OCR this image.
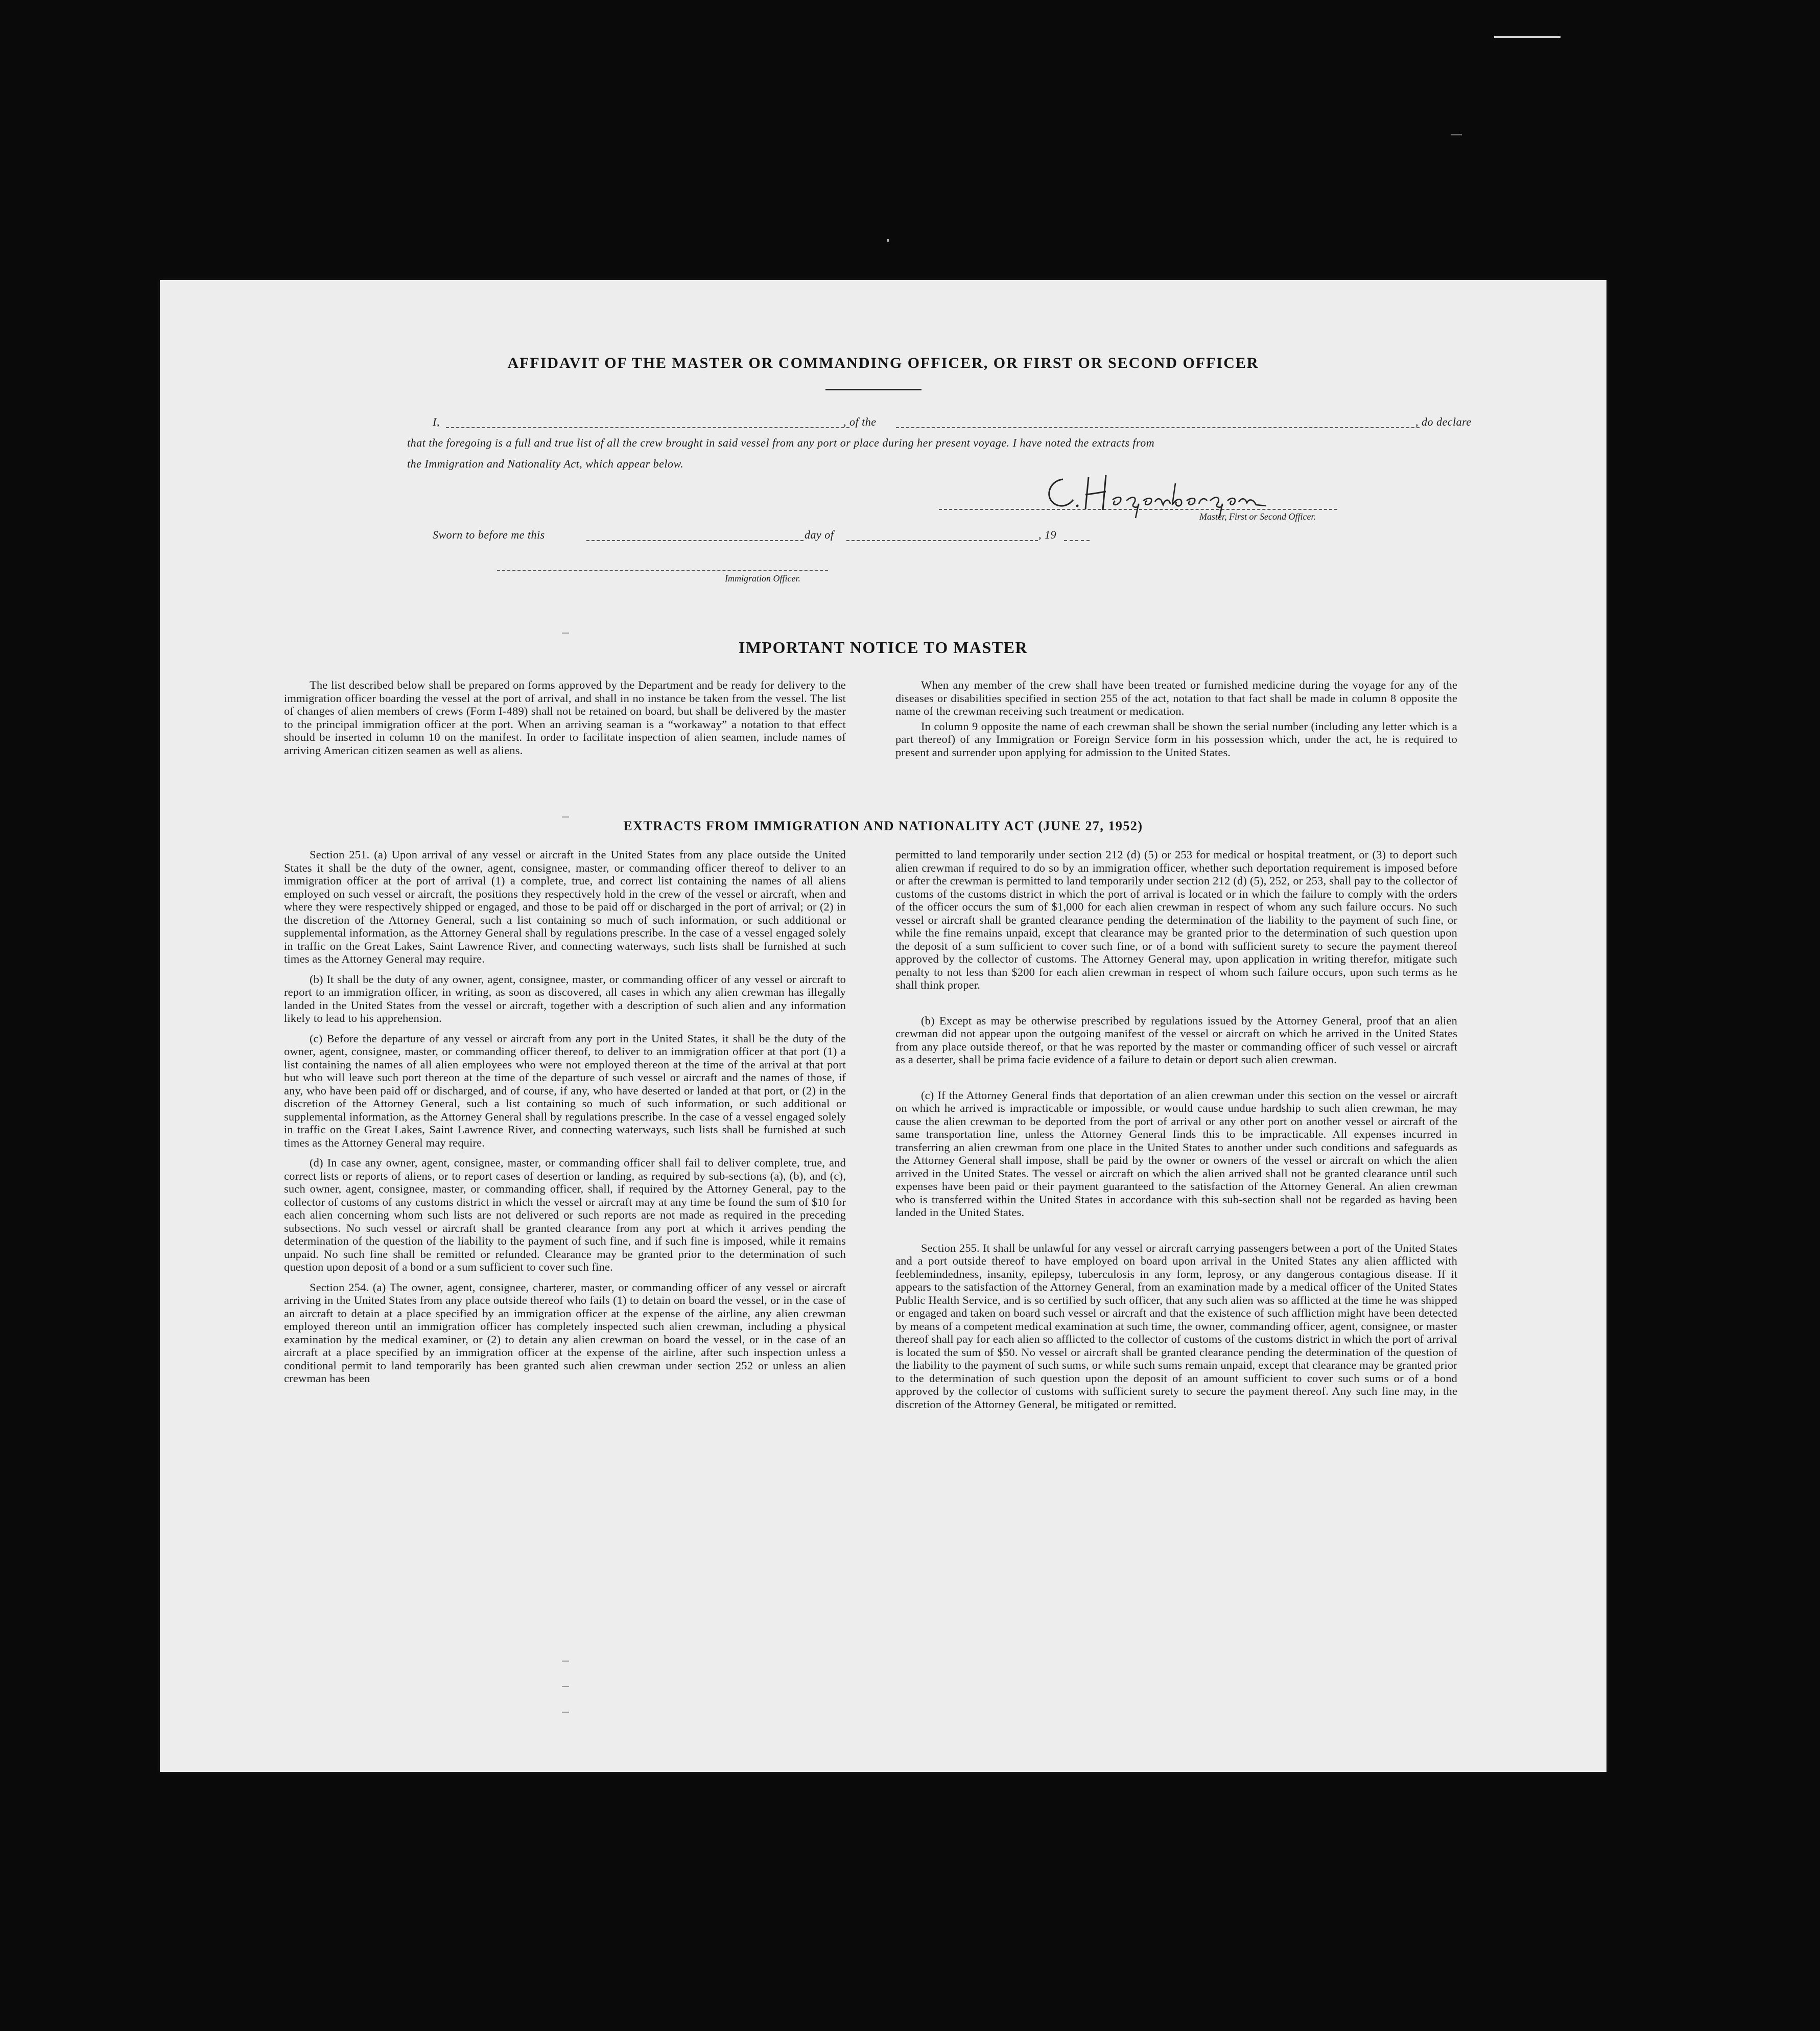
AFFIDAVIT OF THE MASTER OR COMMANDING OFFICER, OR FIRST OR SECOND OFFICER
I,	, of the	, do declare
that the foregoing is a full and true list of all the crew brought in said vessel from any port or place during her present voyage. I have noted the extracts from
the Immigration and Nationality Act, which appear below.
Master, First or Second Officer.
Sworn to before me this	day of	, 19
Immigration Officer.
IMPORTANT NOTICE TO MASTER

The list described below shall be prepared on forms approved by the Department and be ready for delivery to the immigration officer boarding the vessel at the port of arrival, and shall in no instance be taken from the vessel. The list of changes of alien members of crews (Form I-489) shall not be retained on board, but shall be delivered by the master to the principal immigration officer at the port. When an arriving seaman is a “workaway” a notation to that effect should be inserted in column 10 on the manifest. In order to facilitate inspection of alien seamen, include names of arriving American citizen seamen as well as aliens.

When any member of the crew shall have been treated or furnished medicine during the voyage for any of the diseases or disabilities specified in section 255 of the act, notation to that fact shall be made in column 8 opposite the name of the crewman receiving such treatment or medication.

In column 9 opposite the name of each crewman shall be shown the serial number (including any letter which is a part thereof) of any Immigration or Foreign Service form in his possession which, under the act, he is required to present and surrender upon applying for admission to the United States.

EXTRACTS FROM IMMIGRATION AND NATIONALITY ACT (JUNE 27, 1952)

Section 251. (a) Upon arrival of any vessel or aircraft in the United States from any place outside the United States it shall be the duty of the owner, agent, consignee, master, or commanding officer thereof to deliver to an immigration officer at the port of arrival (1) a complete, true, and correct list containing the names of all aliens employed on such vessel or aircraft, the positions they respectively hold in the crew of the vessel or aircraft, when and where they were respectively shipped or engaged, and those to be paid off or discharged in the port of arrival; or (2) in the discretion of the Attorney General, such a list containing so much of such information, or such additional or supplemental information, as the Attorney General shall by regulations prescribe. In the case of a vessel engaged solely in traffic on the Great Lakes, Saint Lawrence River, and connecting waterways, such lists shall be furnished at such times as the Attorney General may require.

(b) It shall be the duty of any owner, agent, consignee, master, or commanding officer of any vessel or aircraft to report to an immigration officer, in writing, as soon as discovered, all cases in which any alien crewman has illegally landed in the United States from the vessel or aircraft, together with a description of such alien and any information likely to lead to his apprehension.

(c) Before the departure of any vessel or aircraft from any port in the United States, it shall be the duty of the owner, agent, consignee, master, or commanding officer thereof, to deliver to an immigration officer at that port (1) a list containing the names of all alien employees who were not employed thereon at the time of the arrival at that port but who will leave such port thereon at the time of the departure of such vessel or aircraft and the names of those, if any, who have been paid off or discharged, and of course, if any, who have deserted or landed at that port, or (2) in the discretion of the Attorney General, such a list containing so much of such information, or such additional or supplemental information, as the Attorney General shall by regulations prescribe. In the case of a vessel engaged solely in traffic on the Great Lakes, Saint Lawrence River, and connecting waterways, such lists shall be furnished at such times as the Attorney General may require.

(d) In case any owner, agent, consignee, master, or commanding officer shall fail to deliver complete, true, and correct lists or reports of aliens, or to report cases of desertion or landing, as required by sub-sections (a), (b), and (c), such owner, agent, consignee, master, or commanding officer, shall, if required by the Attorney General, pay to the collector of customs of any customs district in which the vessel or aircraft may at any time be found the sum of $10 for each alien concerning whom such lists are not delivered or such reports are not made as required in the preceding subsections. No such vessel or aircraft shall be granted clearance from any port at which it arrives pending the determination of the question of the liability to the payment of such fine, and if such fine is imposed, while it remains unpaid. No such fine shall be remitted or refunded. Clearance may be granted prior to the determination of such question upon deposit of a bond or a sum sufficient to cover such fine.

Section 254. (a) The owner, agent, consignee, charterer, master, or commanding officer of any vessel or aircraft arriving in the United States from any place outside thereof who fails (1) to detain on board the vessel, or in the case of an aircraft to detain at a place specified by an immigration officer at the expense of the airline, any alien crewman employed thereon until an immigration officer has completely inspected such alien crewman, including a physical examination by the medical examiner, or (2) to detain any alien crewman on board the vessel, or in the case of an aircraft at a place specified by an immigration officer at the expense of the airline, after such inspection unless a conditional permit to land temporarily has been granted such alien crewman under section 252 or unless an alien crewman has been

permitted to land temporarily under section 212 (d) (5) or 253 for medical or hospital treatment, or (3) to deport such alien crewman if required to do so by an immigration officer, whether such deportation requirement is imposed before or after the crewman is permitted to land temporarily under section 212 (d) (5), 252, or 253, shall pay to the collector of customs of the customs district in which the port of arrival is located or in which the failure to comply with the orders of the officer occurs the sum of $1,000 for each alien crewman in respect of whom any such failure occurs. No such vessel or aircraft shall be granted clearance pending the determination of the liability to the payment of such fine, or while the fine remains unpaid, except that clearance may be granted prior to the determination of such question upon the deposit of a sum sufficient to cover such fine, or of a bond with sufficient surety to secure the payment thereof approved by the collector of customs. The Attorney General may, upon application in writing therefor, mitigate such penalty to not less than $200 for each alien crewman in respect of whom such failure occurs, upon such terms as he shall think proper.

(b) Except as may be otherwise prescribed by regulations issued by the Attorney General, proof that an alien crewman did not appear upon the outgoing manifest of the vessel or aircraft on which he arrived in the United States from any place outside thereof, or that he was reported by the master or commanding officer of such vessel or aircraft as a deserter, shall be prima facie evidence of a failure to detain or deport such alien crewman.

(c) If the Attorney General finds that deportation of an alien crewman under this section on the vessel or aircraft on which he arrived is impracticable or impossible, or would cause undue hardship to such alien crewman, he may cause the alien crewman to be deported from the port of arrival or any other port on another vessel or aircraft of the same transportation line, unless the Attorney General finds this to be impracticable. All expenses incurred in transferring an alien crewman from one place in the United States to another under such conditions and safeguards as the Attorney General shall impose, shall be paid by the owner or owners of the vessel or aircraft on which the alien arrived in the United States. The vessel or aircraft on which the alien arrived shall not be granted clearance until such expenses have been paid or their payment guaranteed to the satisfaction of the Attorney General. An alien crewman who is transferred within the United States in accordance with this sub-section shall not be regarded as having been landed in the United States.

Section 255. It shall be unlawful for any vessel or aircraft carrying passengers between a port of the United States and a port outside thereof to have employed on board upon arrival in the United States any alien afflicted with feeblemindedness, insanity, epilepsy, tuberculosis in any form, leprosy, or any dangerous contagious disease. If it appears to the satisfaction of the Attorney General, from an examination made by a medical officer of the United States Public Health Service, and is so certified by such officer, that any such alien was so afflicted at the time he was shipped or engaged and taken on board such vessel or aircraft and that the existence of such affliction might have been detected by means of a competent medical examination at such time, the owner, commanding officer, agent, consignee, or master thereof shall pay for each alien so afflicted to the collector of customs of the customs district in which the port of arrival is located the sum of $50. No vessel or aircraft shall be granted clearance pending the determination of the question of the liability to the payment of such sums, or while such sums remain unpaid, except that clearance may be granted prior to the determination of such question upon the deposit of an amount sufficient to cover such sums or of a bond approved by the collector of customs with sufficient surety to secure the payment thereof. Any such fine may, in the discretion of the Attorney General, be mitigated or remitted.
